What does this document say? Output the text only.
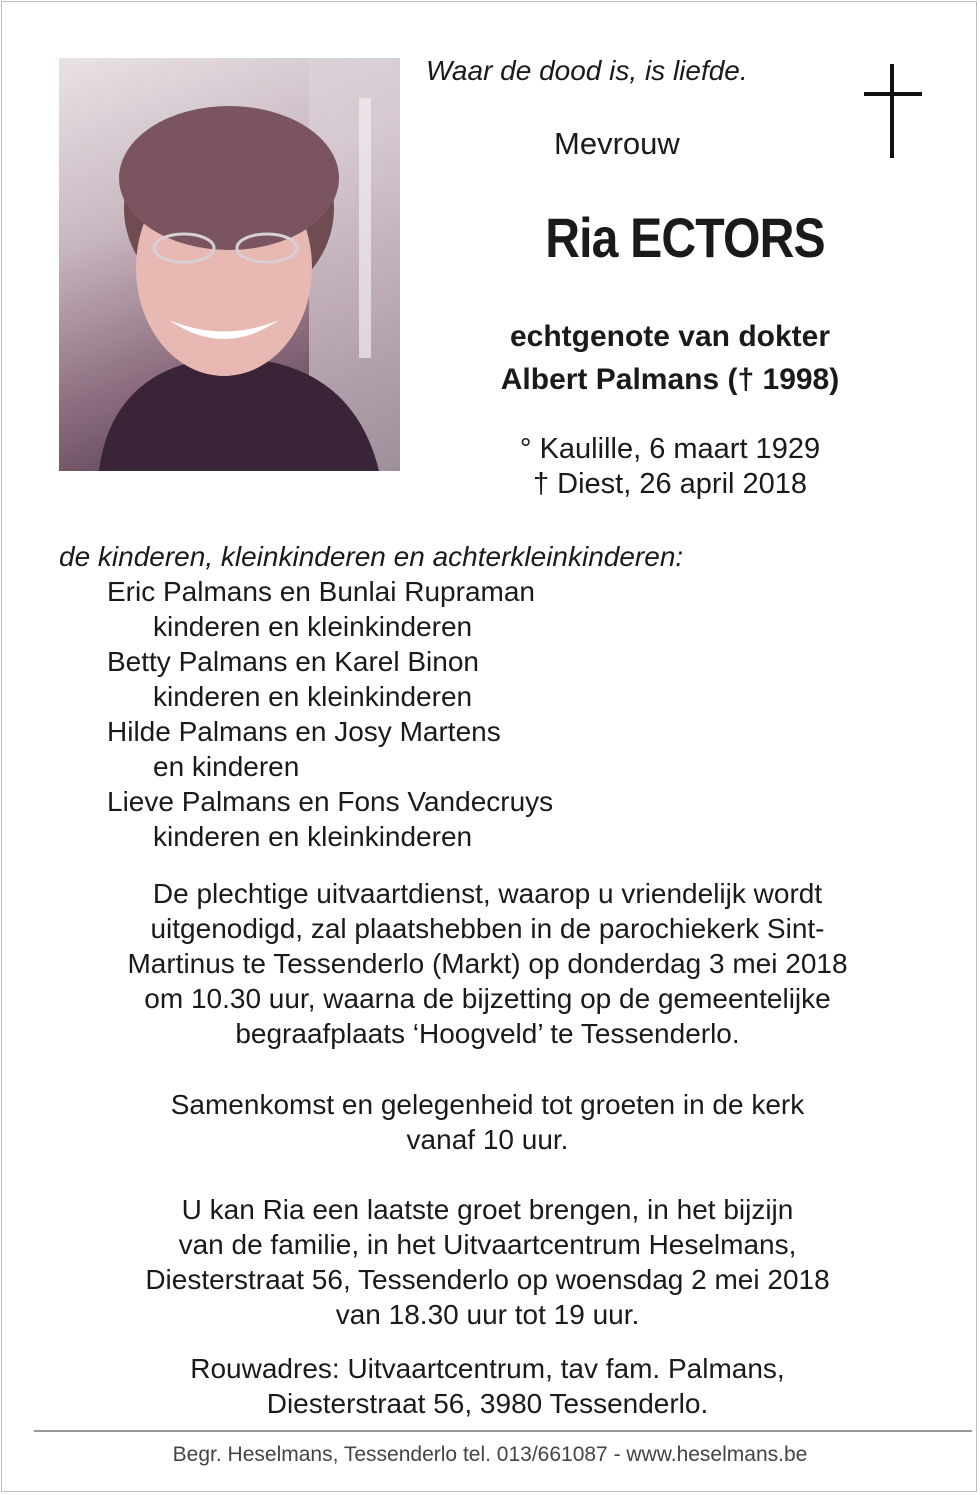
Waar de dood is, is liefde.
Mevrouw
Ria ECTORS
echtgenote van dokter
Albert Palmans († 1998)
° Kaulille, 6 maart 1929
† Diest, 26 april 2018
de kinderen, kleinkinderen en achterkleinkinderen:
Eric Palmans en Bunlai Rupraman
kinderen en kleinkinderen
Betty Palmans en Karel Binon
kinderen en kleinkinderen
Hilde Palmans en Josy Martens
en kinderen
Lieve Palmans en Fons Vandecruys
kinderen en kleinkinderen
De plechtige uitvaartdienst, waarop u vriendelijk wordt
uitgenodigd, zal plaatshebben in de parochiekerk Sint-
Martinus te Tessenderlo (Markt) op donderdag 3 mei 2018
om 10.30 uur, waarna de bijzetting op de gemeentelijke
begraafplaats ‘Hoogveld’ te Tessenderlo.
Samenkomst en gelegenheid tot groeten in de kerk
vanaf 10 uur.
U kan Ria een laatste groet brengen, in het bijzijn
van de familie, in het Uitvaartcentrum Heselmans,
Diesterstraat 56, Tessenderlo op woensdag 2 mei 2018
van 18.30 uur tot 19 uur.
Rouwadres: Uitvaartcentrum, tav fam. Palmans,
Diesterstraat 56, 3980 Tessenderlo.
Begr. Heselmans, Tessenderlo tel. 013/661087 - www.heselmans.be
